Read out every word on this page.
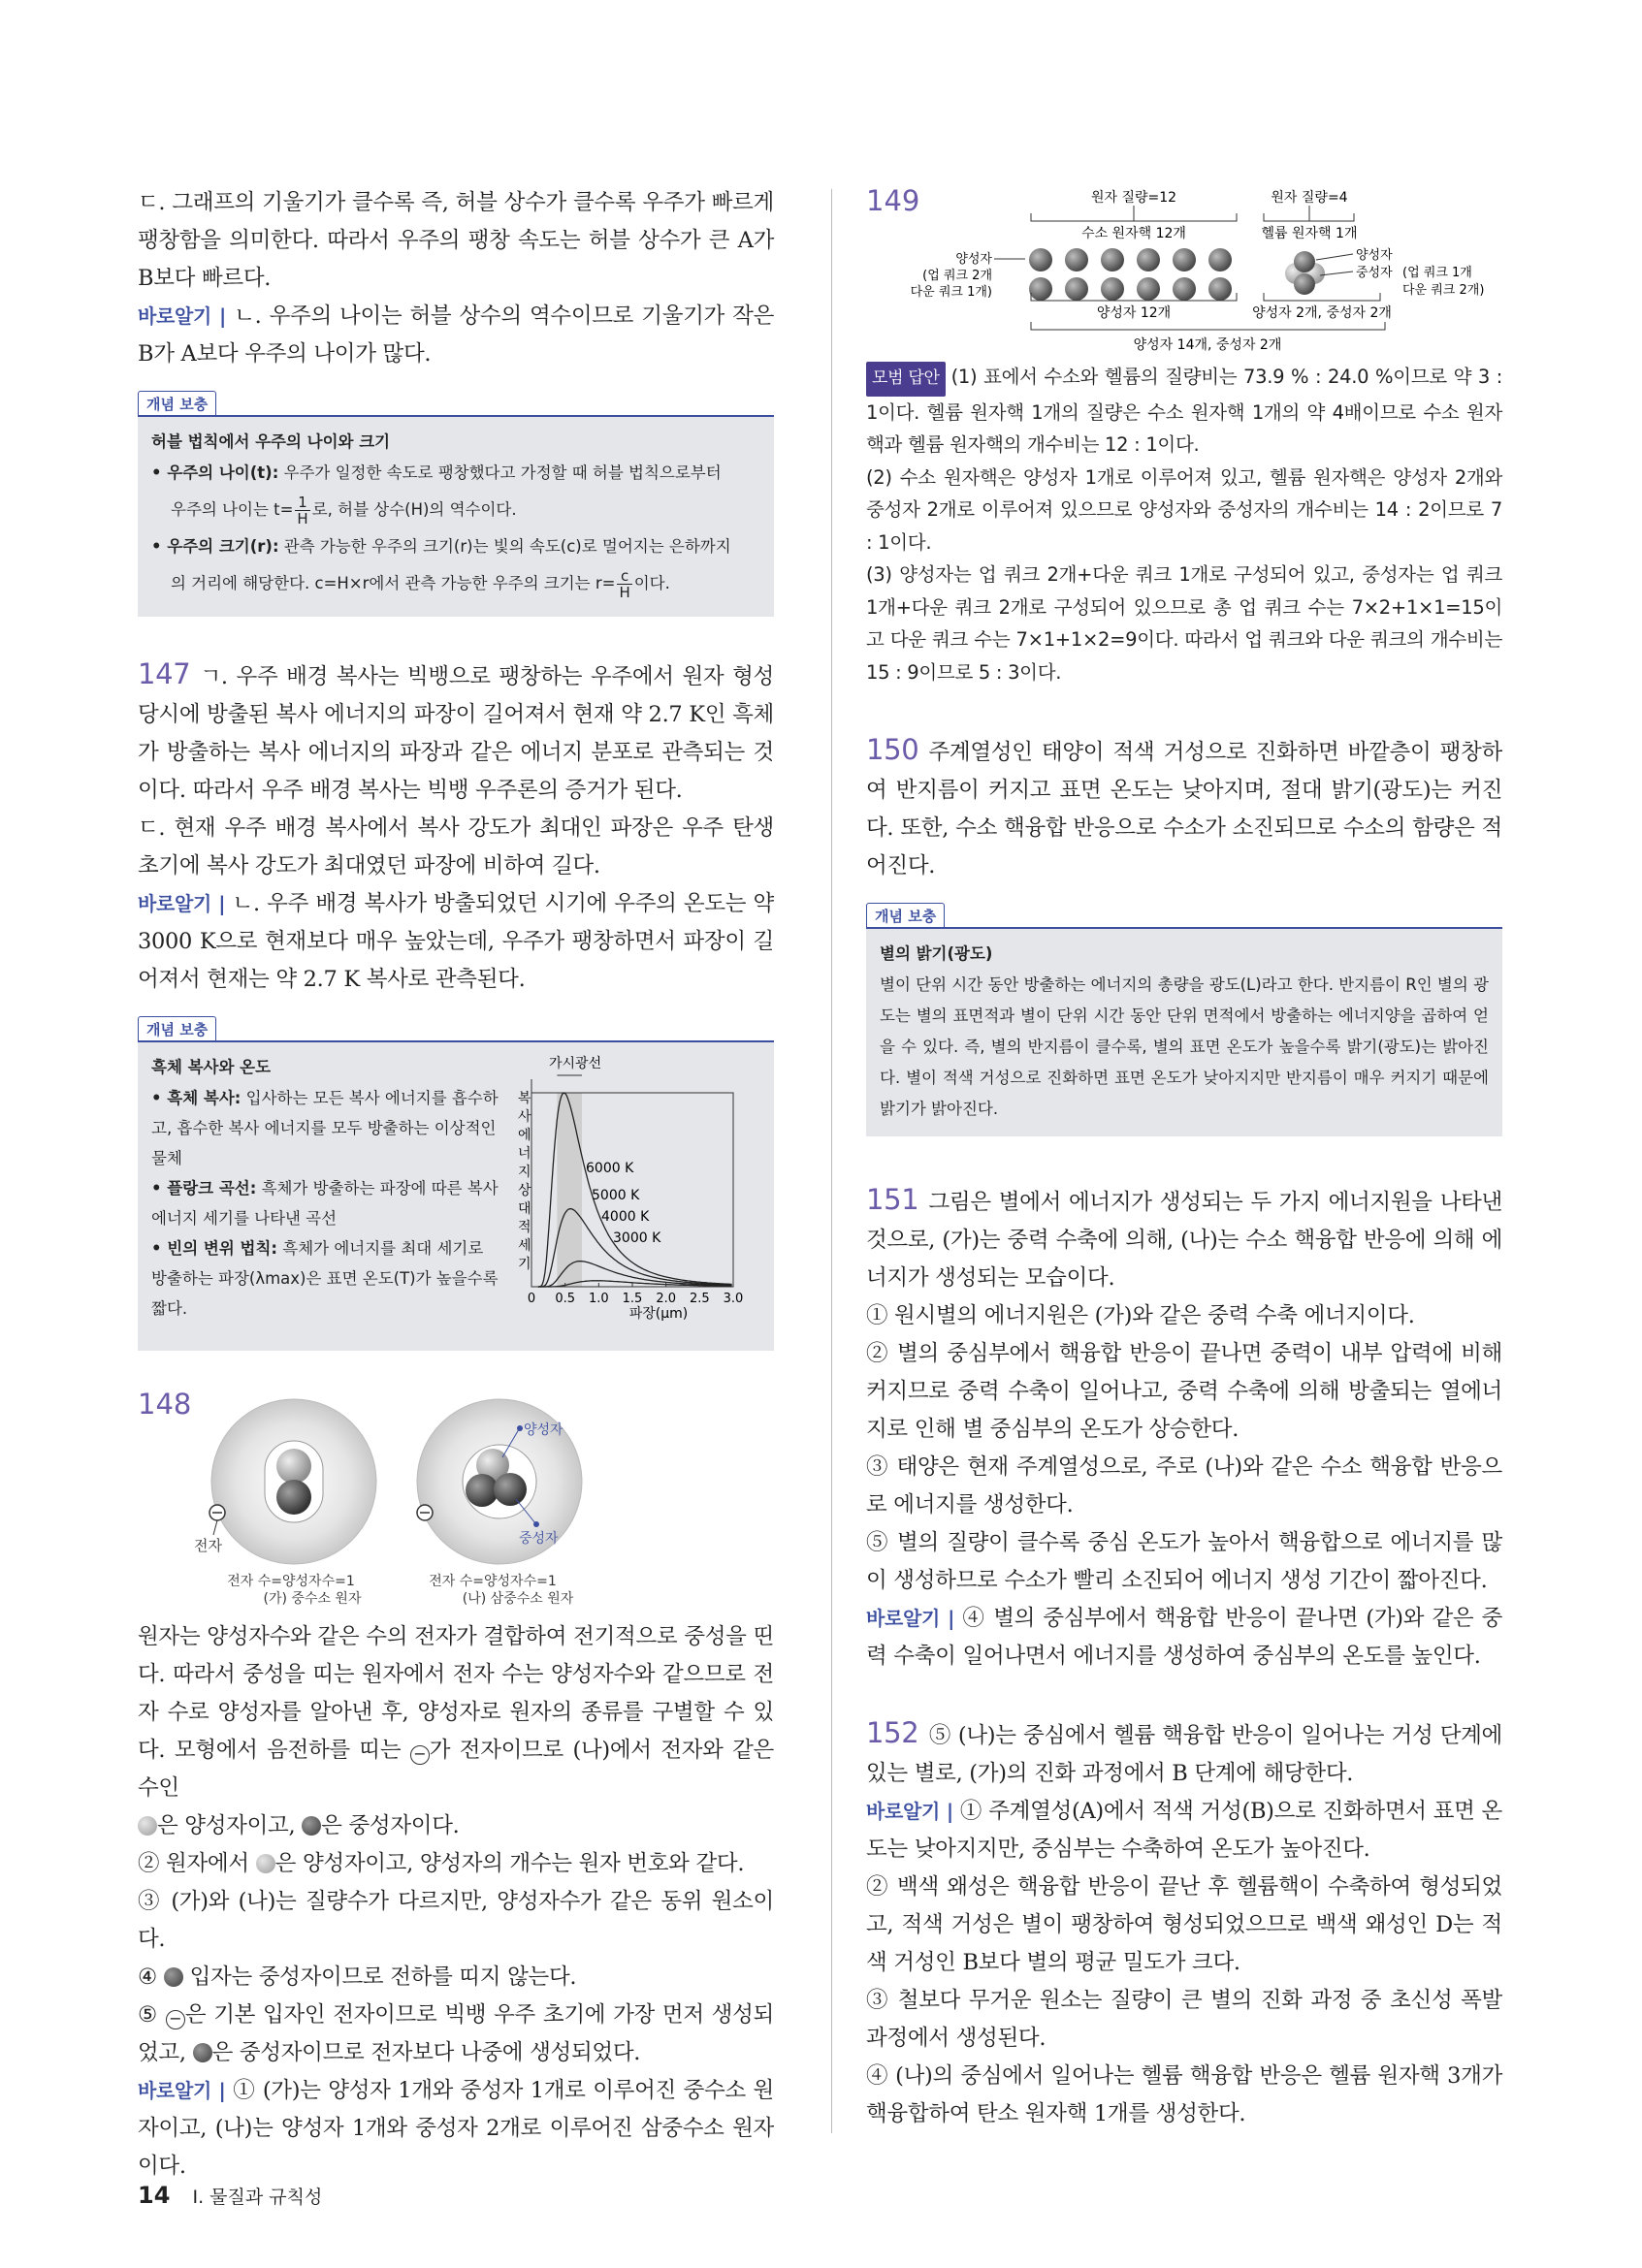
ㄷ. 그래프의 기울기가 클수록 즉, 허블 상수가 클수록 우주가 빠르게 팽창함을 의미한다. 따라서 우주의 팽창 속도는 허블 상수가 큰 A가 B보다 빠르다.

바로알기 | ㄴ. 우주의 나이는 허블 상수의 역수이므로 기울기가 작은 B가 A보다 우주의 나이가 많다.

개념 보충
허블 법칙에서 우주의 나이와 크기
• 우주의 나이(t): 우주가 일정한 속도로 팽창했다고 가정할 때 허블 법칙으로부터
우주의 나이는 $t= \frac{1}{H}$ 로, 허블 상수(H)의 역수이다.
• 우주의 크기(r): 관측 가능한 우주의 크기(r)는 빛의 속도(c)로 멀어지는 은하까지
의 거리에 해당한다. c=H×r에서 관측 가능한 우주의 크기는 $r= \frac{c}{H}$ 이다.

147 ㄱ. 우주 배경 복사는 빅뱅으로 팽창하는 우주에서 원자 형성 당시에 방출된 복사 에너지의 파장이 길어져서 현재 약 2.7 K인 흑체가 방출하는 복사 에너지의 파장과 같은 에너지 분포로 관측되는 것이다. 따라서 우주 배경 복사는 빅뱅 우주론의 증거가 된다.

ㄷ. 현재 우주 배경 복사에서 복사 강도가 최대인 파장은 우주 탄생 초기에 복사 강도가 최대였던 파장에 비하여 길다.

바로알기 | ㄴ. 우주 배경 복사가 방출되었던 시기에 우주의 온도는 약 3000 K으로 현재보다 매우 높았는데, 우주가 팽창하면서 파장이 길어져서 현재는 약 2.7 K 복사로 관측된다.

개념 보충
흑체 복사와 온도
• 흑체 복사: 입사하는 모든 복사 에너지를 흡수하고, 흡수한 복사 에너지를 모두 방출하는 이상적인 물체
• 플랑크 곡선: 흑체가 방출하는 파장에 따른 복사 에너지 세기를 나타낸 곡선
• 빈의 변위 법칙: 흑체가 에너지를 최대 세기로 방출하는 파장(λmax)은 표면 온도(T)가 높을수록 짧다.
가시광선
복 사 에 너 지 상 대 적 세 기
파장(μm)
6000 K
5000 K
4000 K
3000 K
0 0.5 1.0 1.5 2.0 2.5 3.0
148
전자
전자 수=양성자수=1
(가) 중수소 원자
양성자
중성자
전자 수=양성자수=1
(나) 삼중수소 원자

원자는 양성자수와 같은 수의 전자가 결합하여 전기적으로 중성을 띤다. 따라서 중성을 띠는 원자에서 전자 수는 양성자수와 같으므로 전자 수로 양성자를 알아낸 후, 양성자로 원자의 종류를 구별할 수 있다. 모형에서 음전하를 띠는 − 가 전자이므로 (나)에서 전자와 같은 수인
은 양성자이고, 은 중성자이다.

② 원자에서 은 양성자이고, 양성자의 개수는 원자 번호와 같다.

③ (가)와 (나)는 질량수가 다르지만, 양성자수가 같은 동위 원소이다.

④  입자는 중성자이므로 전하를 띠지 않는다.

⑤ − 은 기본 입자인 전자이므로 빅뱅 우주 초기에 가장 먼저 생성되었고, 은 중성자이므로 전자보다 나중에 생성되었다.

바로알기 | ① (가)는 양성자 1개와 중성자 1개로 이루어진 중수소 원자이고, (나)는 양성자 1개와 중성자 2개로 이루어진 삼중수소 원자이다.

149	원자 질량=12	원자 질량=4
수소 원자핵 12개	헬륨 원자핵 1개
양성자
(업 쿼크 2개
다운 쿼크 1개)
양성자
중성자 (업 쿼크 1개
다운 쿼크 2개)
양성자 12개	양성자 2개, 중성자 2개
양성자 14개, 중성자 2개

모범 답안 (1) 표에서 수소와 헬륨의 질량비는 73.9 % : 24.0 %이므로 약 3 : 1이다. 헬륨 원자핵 1개의 질량은 수소 원자핵 1개의 약 4배이므로 수소 원자핵과 헬륨 원자핵의 개수비는 12 : 1이다.

(2) 수소 원자핵은 양성자 1개로 이루어져 있고, 헬륨 원자핵은 양성자 2개와 중성자 2개로 이루어져 있으므로 양성자와 중성자의 개수비는 14 : 2이므로 7 : 1이다.

(3) 양성자는 업 쿼크 2개+다운 쿼크 1개로 구성되어 있고, 중성자는 업 쿼크 1개+다운 쿼크 2개로 구성되어 있으므로 총 업 쿼크 수는 7×2+1×1=15이고 다운 쿼크 수는 7×1+1×2=9이다. 따라서 업 쿼크와 다운 쿼크의 개수비는 15 : 9이므로 5 : 3이다.

150 주계열성인 태양이 적색 거성으로 진화하면 바깥층이 팽창하여 반지름이 커지고 표면 온도는 낮아지며, 절대 밝기(광도)는 커진다. 또한, 수소 핵융합 반응으로 수소가 소진되므로 수소의 함량은 적어진다.

개념 보충
별의 밝기(광도)
별이 단위 시간 동안 방출하는 에너지의 총량을 광도(L)라고 한다. 반지름이 R인 별의 광도는 별의 표면적과 별이 단위 시간 동안 단위 면적에서 방출하는 에너지양을 곱하여 얻을 수 있다. 즉, 별의 반지름이 클수록, 별의 표면 온도가 높을수록 밝기(광도)는 밝아진다. 별이 적색 거성으로 진화하면 표면 온도가 낮아지지만 반지름이 매우 커지기 때문에 밝기가 밝아진다.

151 그림은 별에서 에너지가 생성되는 두 가지 에너지원을 나타낸 것으로, (가)는 중력 수축에 의해, (나)는 수소 핵융합 반응에 의해 에너지가 생성되는 모습이다.

① 원시별의 에너지원은 (가)와 같은 중력 수축 에너지이다.

② 별의 중심부에서 핵융합 반응이 끝나면 중력이 내부 압력에 비해 커지므로 중력 수축이 일어나고, 중력 수축에 의해 방출되는 열에너지로 인해 별 중심부의 온도가 상승한다.

③ 태양은 현재 주계열성으로, 주로 (나)와 같은 수소 핵융합 반응으로 에너지를 생성한다.

⑤ 별의 질량이 클수록 중심 온도가 높아서 핵융합으로 에너지를 많이 생성하므로 수소가 빨리 소진되어 에너지 생성 기간이 짧아진다.

바로알기 | ④ 별의 중심부에서 핵융합 반응이 끝나면 (가)와 같은 중력 수축이 일어나면서 에너지를 생성하여 중심부의 온도를 높인다.

152 ⑤ (나)는 중심에서 헬륨 핵융합 반응이 일어나는 거성 단계에 있는 별로, (가)의 진화 과정에서 B 단계에 해당한다.

바로알기 | ① 주계열성(A)에서 적색 거성(B)으로 진화하면서 표면 온도는 낮아지지만, 중심부는 수축하여 온도가 높아진다.

② 백색 왜성은 핵융합 반응이 끝난 후 헬륨핵이 수축하여 형성되었고, 적색 거성은 별이 팽창하여 형성되었으므로 백색 왜성인 D는 적색 거성인 B보다 별의 평균 밀도가 크다.

③ 철보다 무거운 원소는 질량이 큰 별의 진화 과정 중 초신성 폭발 과정에서 생성된다.

④ (나)의 중심에서 일어나는 헬륨 핵융합 반응은 헬륨 원자핵 3개가 핵융합하여 탄소 원자핵 1개를 생성한다.

14 I. 물질과 규칙성
